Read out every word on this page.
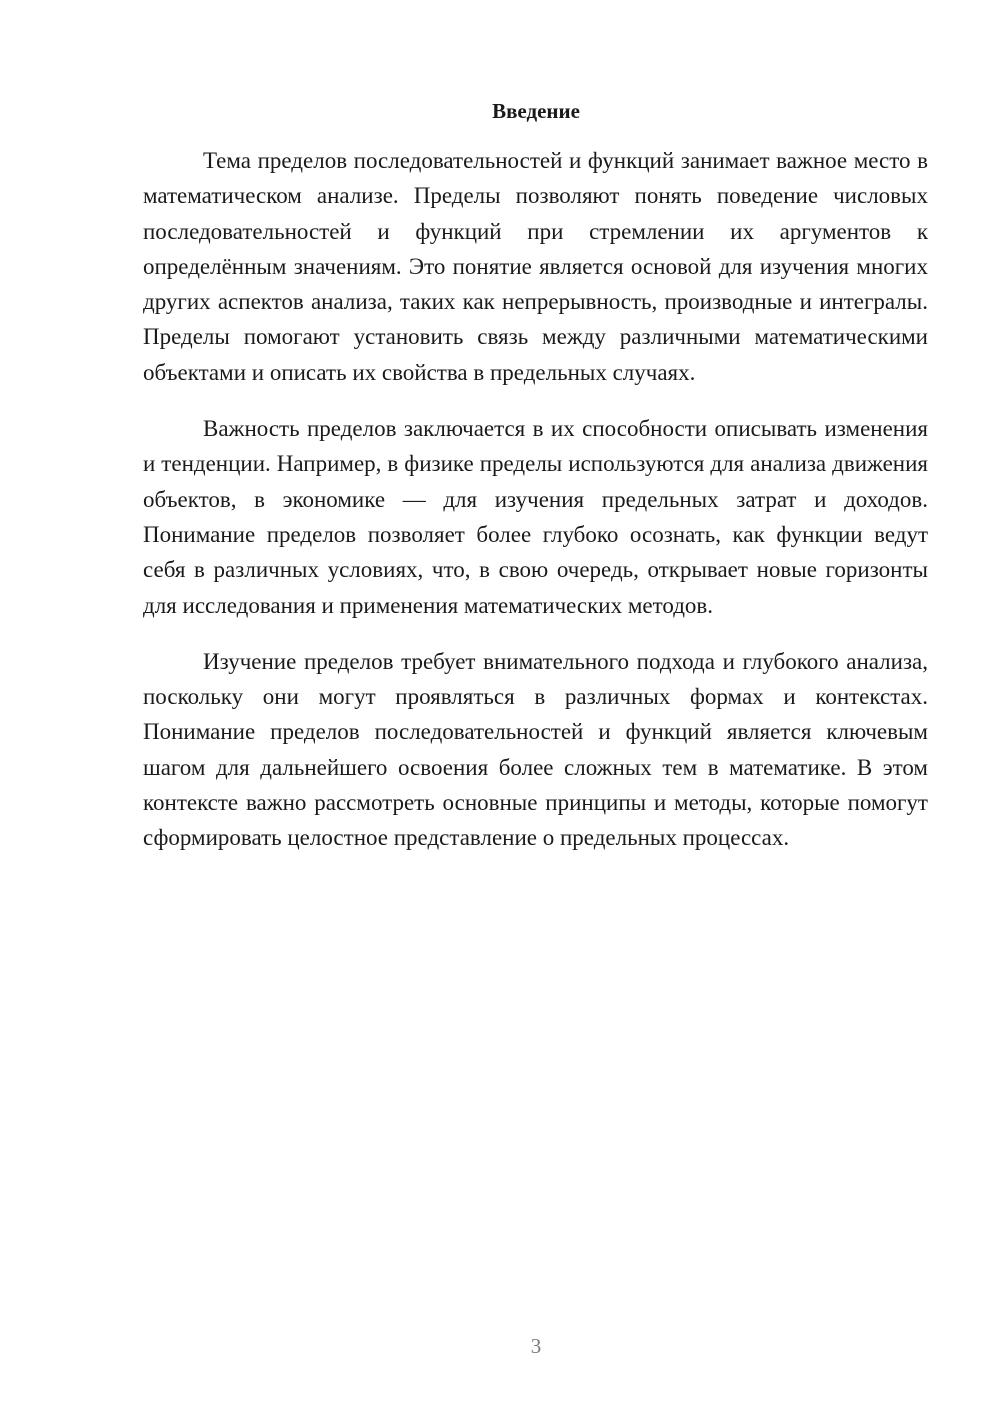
Введение

Тема пределов последовательностей и функций занимает важное место в математическом анализе. Пределы позволяют понять поведение числовых последовательностей и функций при стремлении их аргументов к определённым значениям. Это понятие является основой для изучения многих других аспектов анализа, таких как непрерывность, производные и интегралы. Пределы помогают установить связь между различными математическими объектами и описать их свойства в предельных случаях.

Важность пределов заключается в их способности описывать изменения и тенденции. Например, в физике пределы используются для анализа движения объектов, в экономике — для изучения предельных затрат и доходов. Понимание пределов позволяет более глубоко осознать, как функции ведут себя в различных условиях, что, в свою очередь, открывает новые горизонты для исследования и применения математических методов.

Изучение пределов требует внимательного подхода и глубокого анализа, поскольку они могут проявляться в различных формах и контекстах. Понимание пределов последовательностей и функций является ключевым шагом для дальнейшего освоения более сложных тем в математике. В этом контексте важно рассмотреть основные принципы и методы, которые помогут сформировать целостное представление о предельных процессах.

3
